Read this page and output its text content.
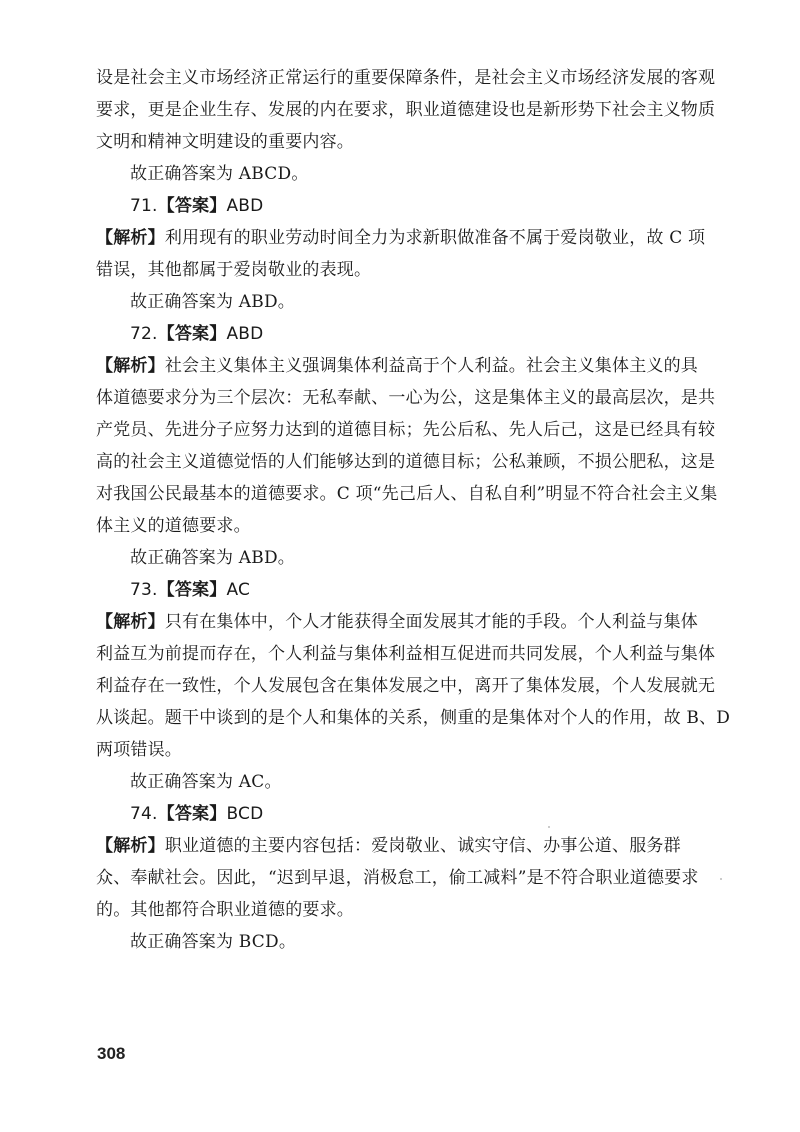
设是社会主义市场经济正常运行的重要保障条件，是社会主义市场经济发展的客观
要求，更是企业生存、发展的内在要求，职业道德建设也是新形势下社会主义物质
文明和精神文明建设的重要内容。
故正确答案为 ABCD。
71.【答案】ABD
【解析】利用现有的职业劳动时间全力为求新职做准备不属于爱岗敬业，故 C 项
错误，其他都属于爱岗敬业的表现。
故正确答案为 ABD。
72.【答案】ABD
【解析】社会主义集体主义强调集体利益高于个人利益。社会主义集体主义的具
体道德要求分为三个层次：无私奉献、一心为公，这是集体主义的最高层次，是共
产党员、先进分子应努力达到的道德目标；先公后私、先人后己，这是已经具有较
高的社会主义道德觉悟的人们能够达到的道德目标；公私兼顾，不损公肥私，这是
对我国公民最基本的道德要求。C 项“先己后人、自私自利”明显不符合社会主义集
体主义的道德要求。
故正确答案为 ABD。
73.【答案】AC
【解析】只有在集体中，个人才能获得全面发展其才能的手段。个人利益与集体
利益互为前提而存在，个人利益与集体利益相互促进而共同发展，个人利益与集体
利益存在一致性，个人发展包含在集体发展之中，离开了集体发展，个人发展就无
从谈起。题干中谈到的是个人和集体的关系，侧重的是集体对个人的作用，故 B、D
两项错误。
故正确答案为 AC。
74.【答案】BCD
【解析】职业道德的主要内容包括：爱岗敬业、诚实守信、办事公道、服务群
众、奉献社会。因此，“迟到早退，消极怠工，偷工减料”是不符合职业道德要求
的。其他都符合职业道德的要求。
故正确答案为 BCD。
308
